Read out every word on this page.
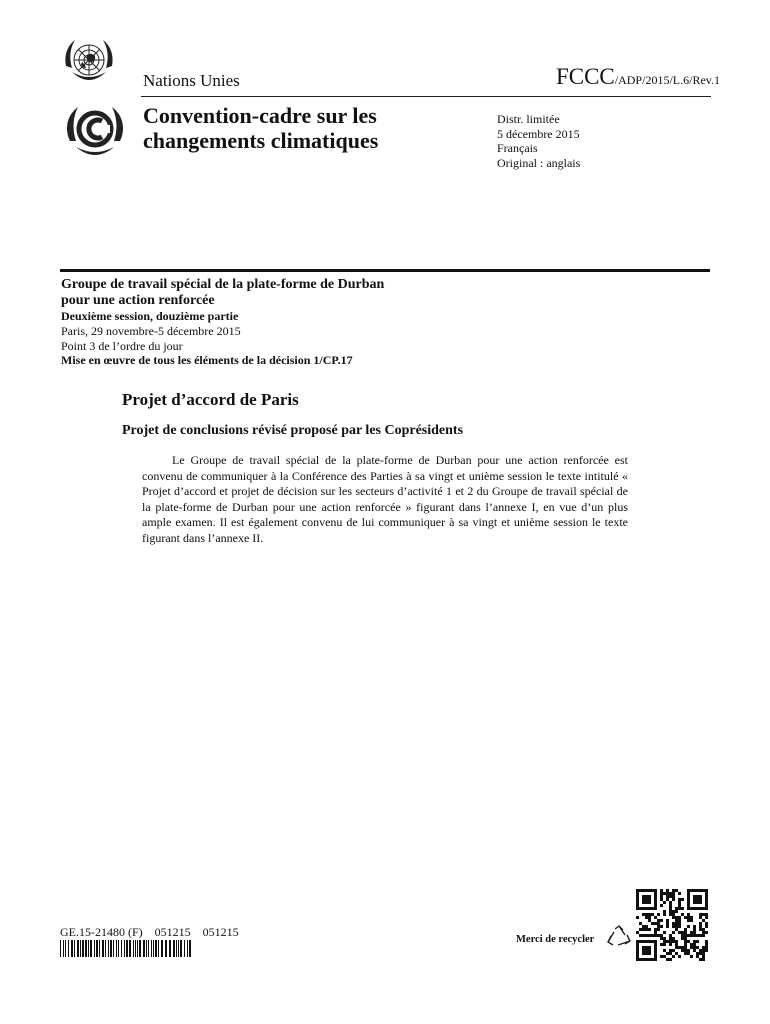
Nations Unies	FCCC/ADP/2015/L.6/Rev.1
Convention-cadre sur les
changements climatiques
Distr. limitée
5 décembre 2015
Français
Original : anglais
Groupe de travail spécial de la plate-forme de Durban
pour une action renforcée
Deuxième session, douzième partie
Paris, 29 novembre-5 décembre 2015
Point 3 de l’ordre du jour
Mise en œuvre de tous les éléments de la décision 1/CP.17
Projet d’accord de Paris
Projet de conclusions révisé proposé par les Coprésidents
Le Groupe de travail spécial de la plate-forme de Durban pour une action renforcée est convenu de communiquer à la Conférence des Parties à sa vingt et unième session le texte intitulé « Projet d’accord et projet de décision sur les secteurs d’activité 1 et 2 du Groupe de travail spécial de la plate-forme de Durban pour une action renforcée » figurant dans l’annexe I, en vue d’un plus ample examen. Il est également convenu de lui communiquer à sa vingt et unième session le texte figurant dans l’annexe II.
GE.15-21480 (F)    051215    051215
Merci de recycler
